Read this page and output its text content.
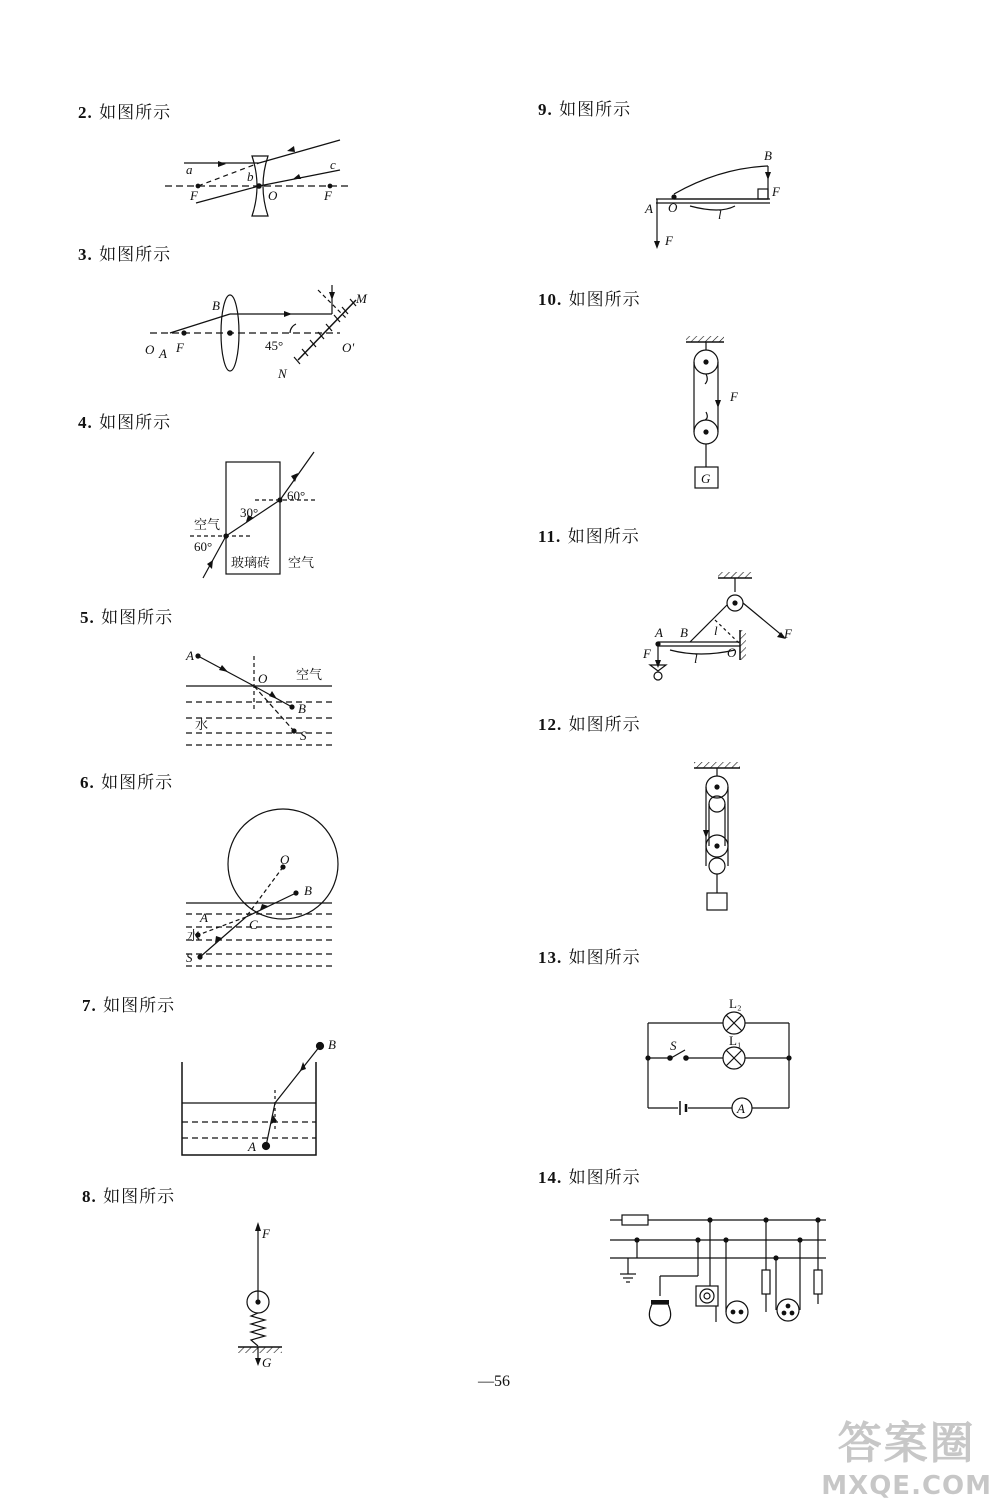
2. 如图所示
3. 如图所示
4. 如图所示
5. 如图所示
6. 如图所示
7. 如图所示
8. 如图所示
9. 如图所示
10. 如图所示
11. 如图所示
12. 如图所示
13. 如图所示
14. 如图所示
a	b
c
F	O	F
B	M
O A F	45°	O'
N
60°
30°
空气
60°
玻璃砖 空气
A
O 空气
B
水
S
O
B
A	C
水
S
B
A
F
G
B
F
A O	l
F
F
G
A B l	F
F	l O
L₂
L₁
S
A
—56
答案圈
MXQE.COM
